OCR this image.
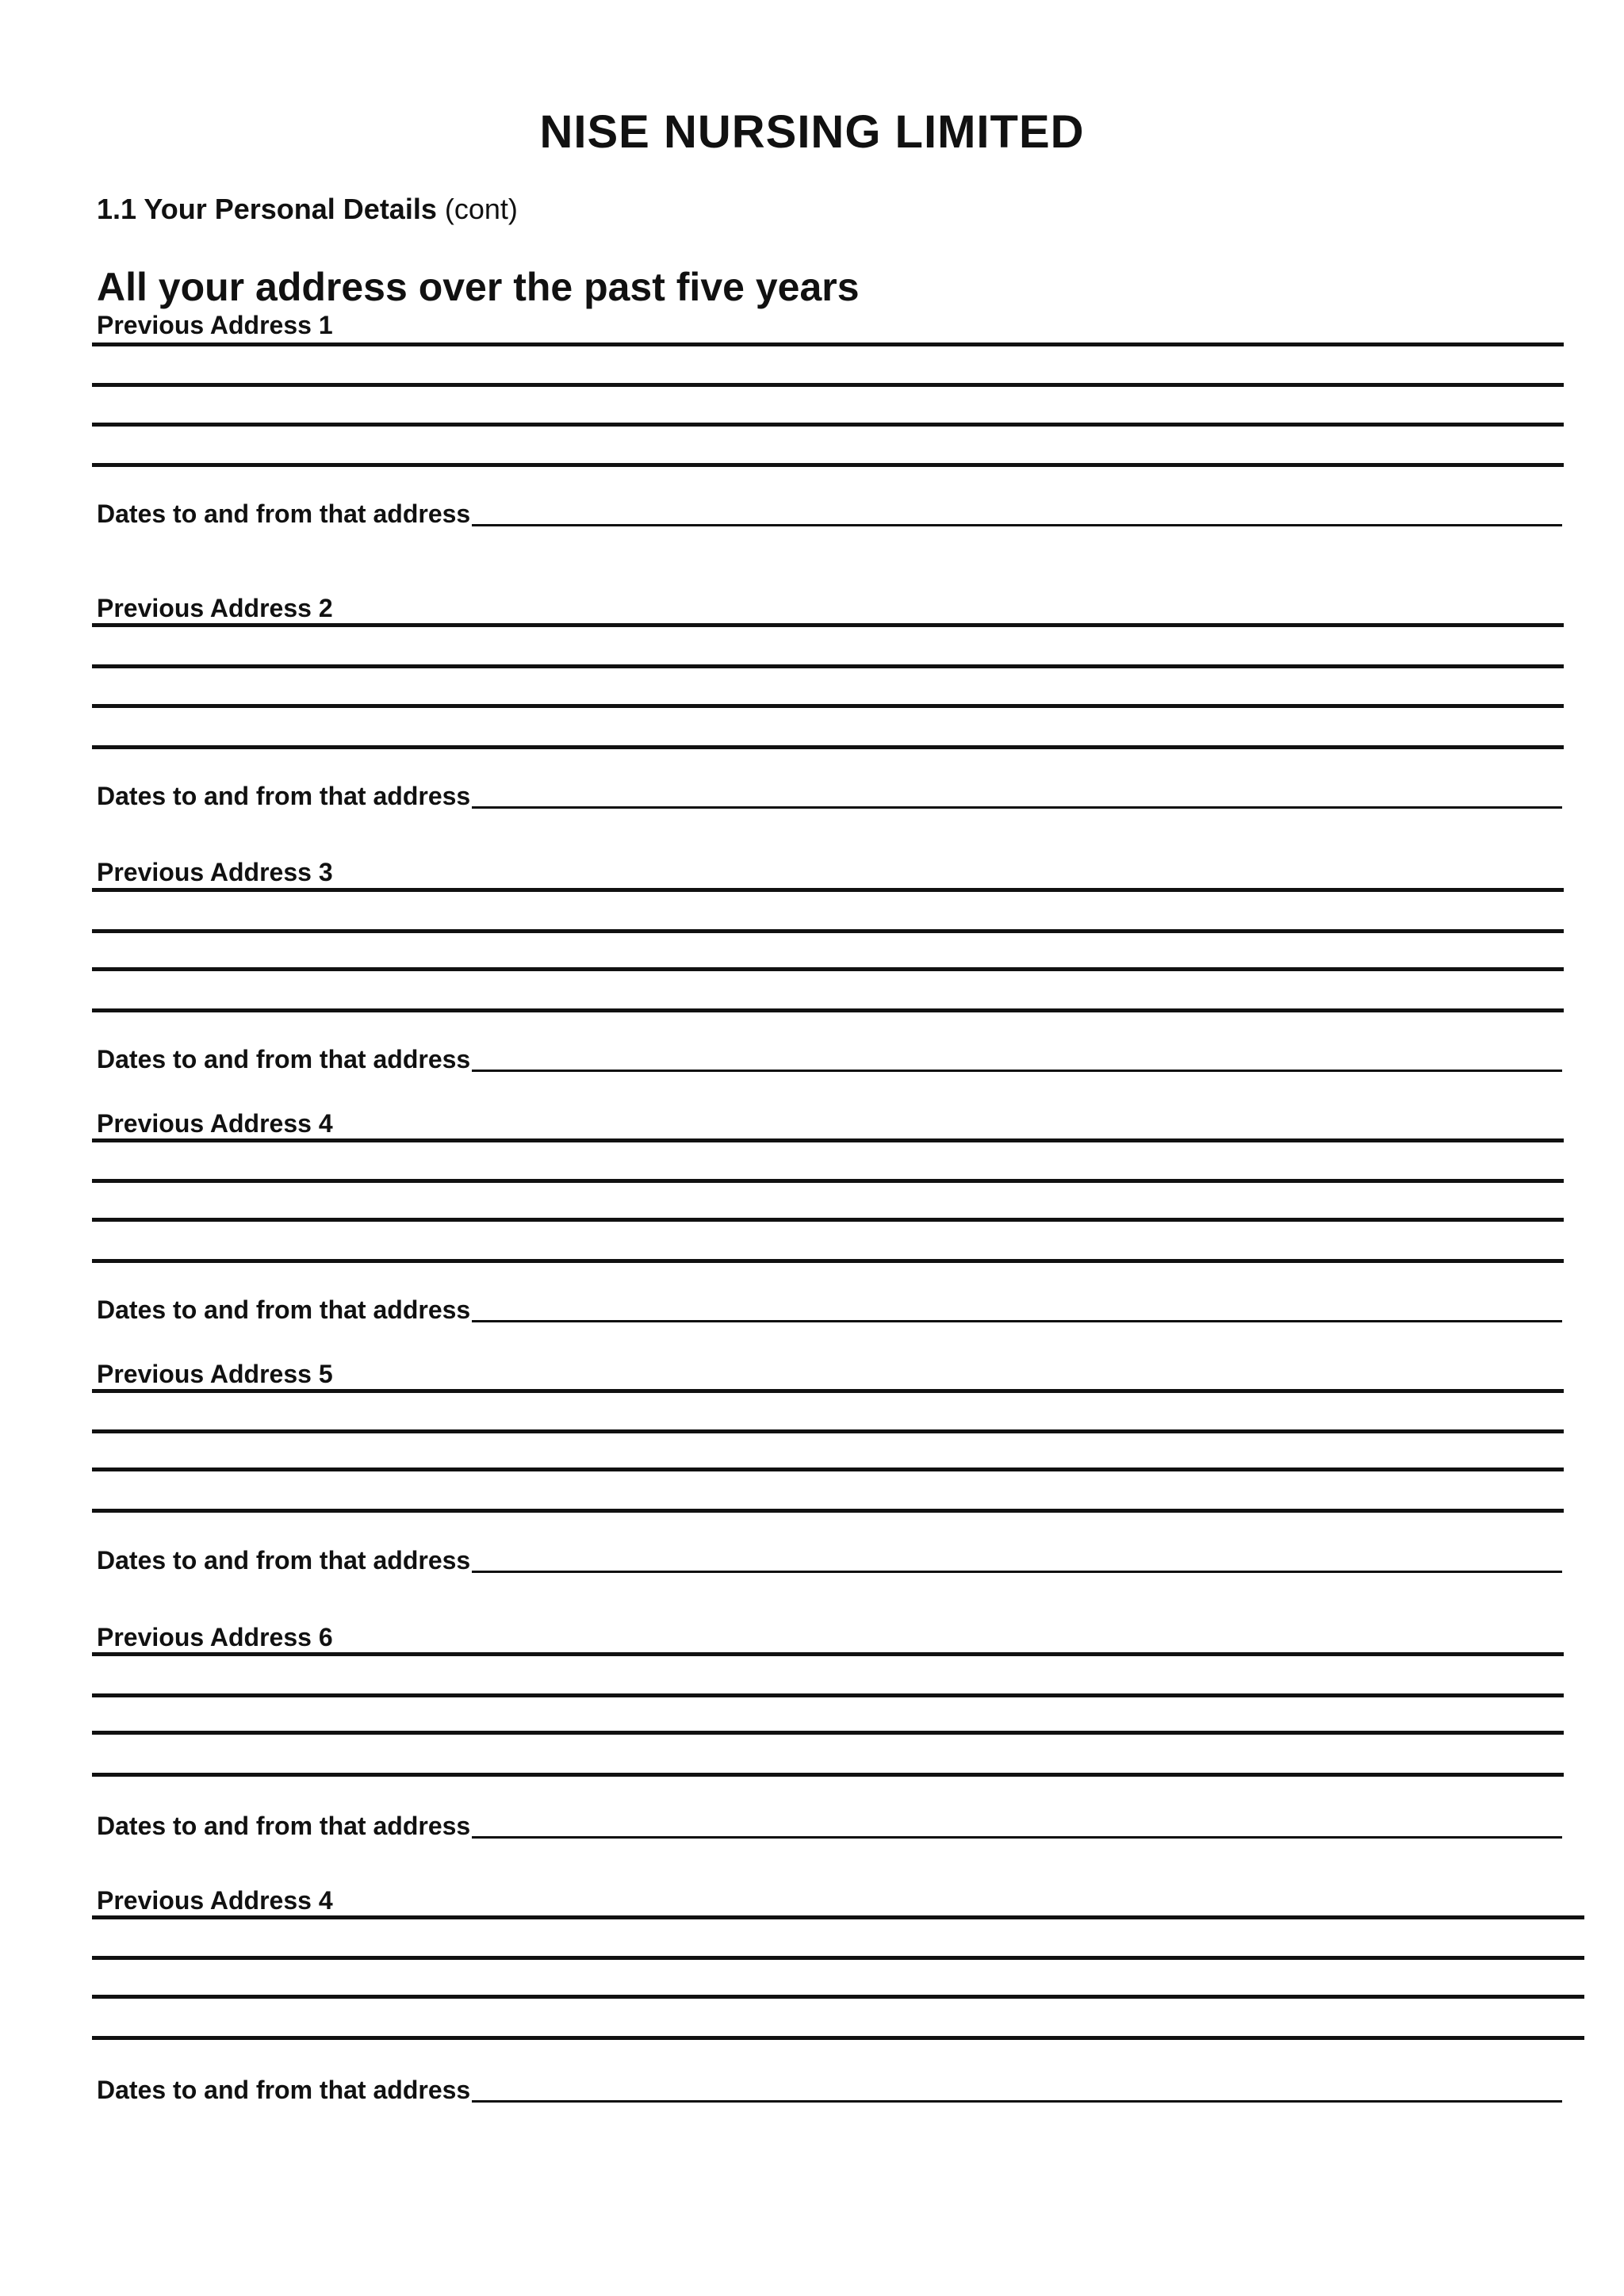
NISE NURSING LIMITED
1.1 Your Personal Details (cont)
All your address over the past five years
Previous Address 1
Dates to and from that address
Previous Address 2
Dates to and from that address
Previous Address 3
Dates to and from that address
Previous Address 4
Dates to and from that address
Previous Address 5
Dates to and from that address
Previous Address 6
Dates to and from that address
Previous Address 4
Dates to and from that address
